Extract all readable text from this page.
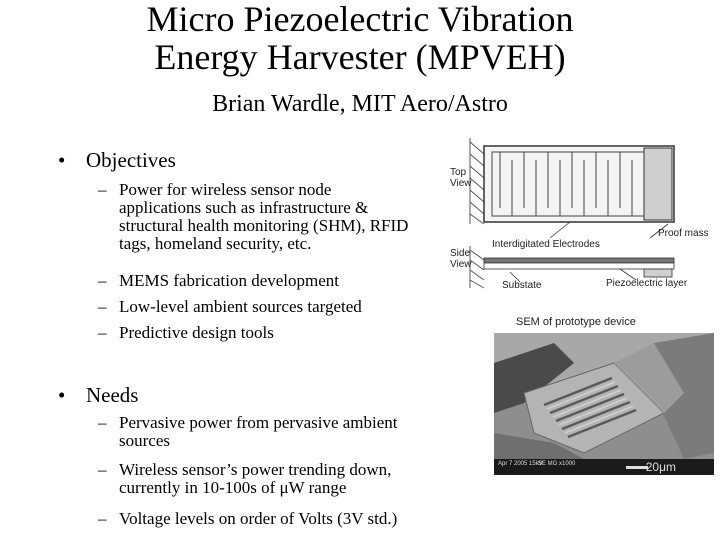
Micro Piezoelectric Vibration
Energy Harvester (MPVEH)
Brian Wardle, MIT Aero/Astro
• Objectives
– Power for wireless sensor node
applications such as infrastructure &
structural health monitoring (SHM), RFID
tags, homeland security, etc.
– MEMS fabrication development
– Low-level ambient sources targeted
– Predictive design tools
• Needs
– Pervasive power from pervasive ambient
sources
– Wireless sensor’s power trending down,
currently in 10-100s of μW range
– Voltage levels on order of Volts (3V std.)
Top
View
Side
View
Interdigitated Electrodes
Proof mass
Substate	Piezoelectric layer
SEM of prototype device
Apr 7 2005 15kV
SE MG x1000	20μm
